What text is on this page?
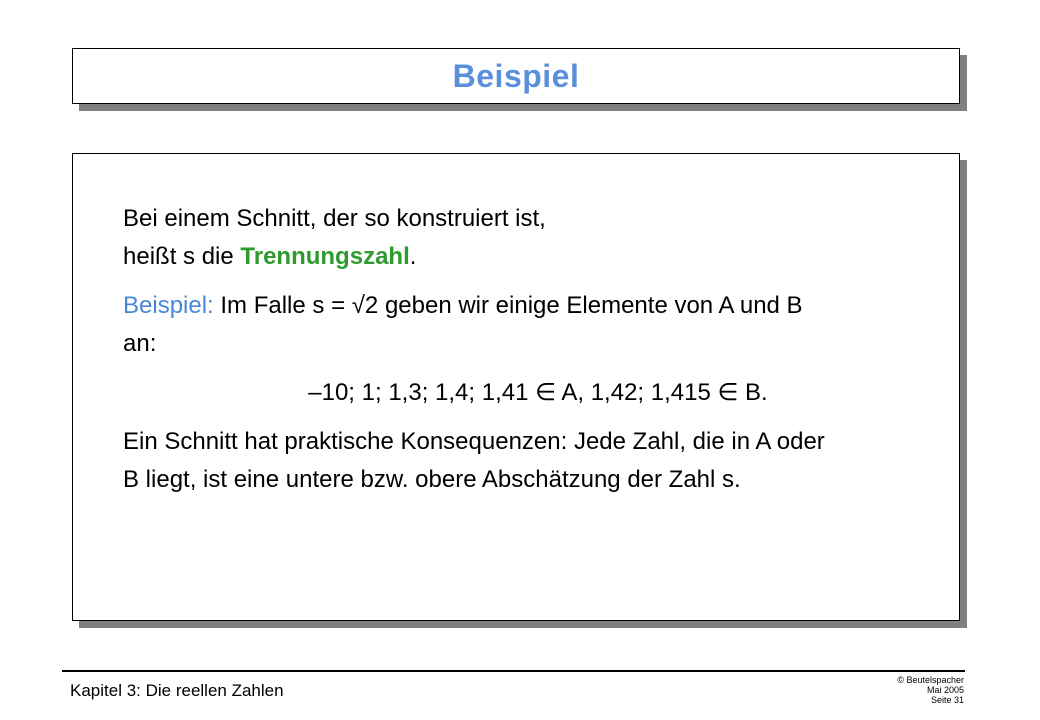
Beispiel

Bei einem Schnitt, der so konstruiert ist,
heißt s die Trennungszahl.

Beispiel: Im Falle s = √2 geben wir einige Elemente von A und B
an:

–10; 1; 1,3; 1,4; 1,41 ∈ A, 1,42; 1,415 ∈ B.

Ein Schnitt hat praktische Konsequenzen: Jede Zahl, die in A oder
B liegt, ist eine untere bzw. obere Abschätzung der Zahl s.

Kapitel 3: Die reellen Zahlen
© Beutelspacher
Mai 2005
Seite 31
